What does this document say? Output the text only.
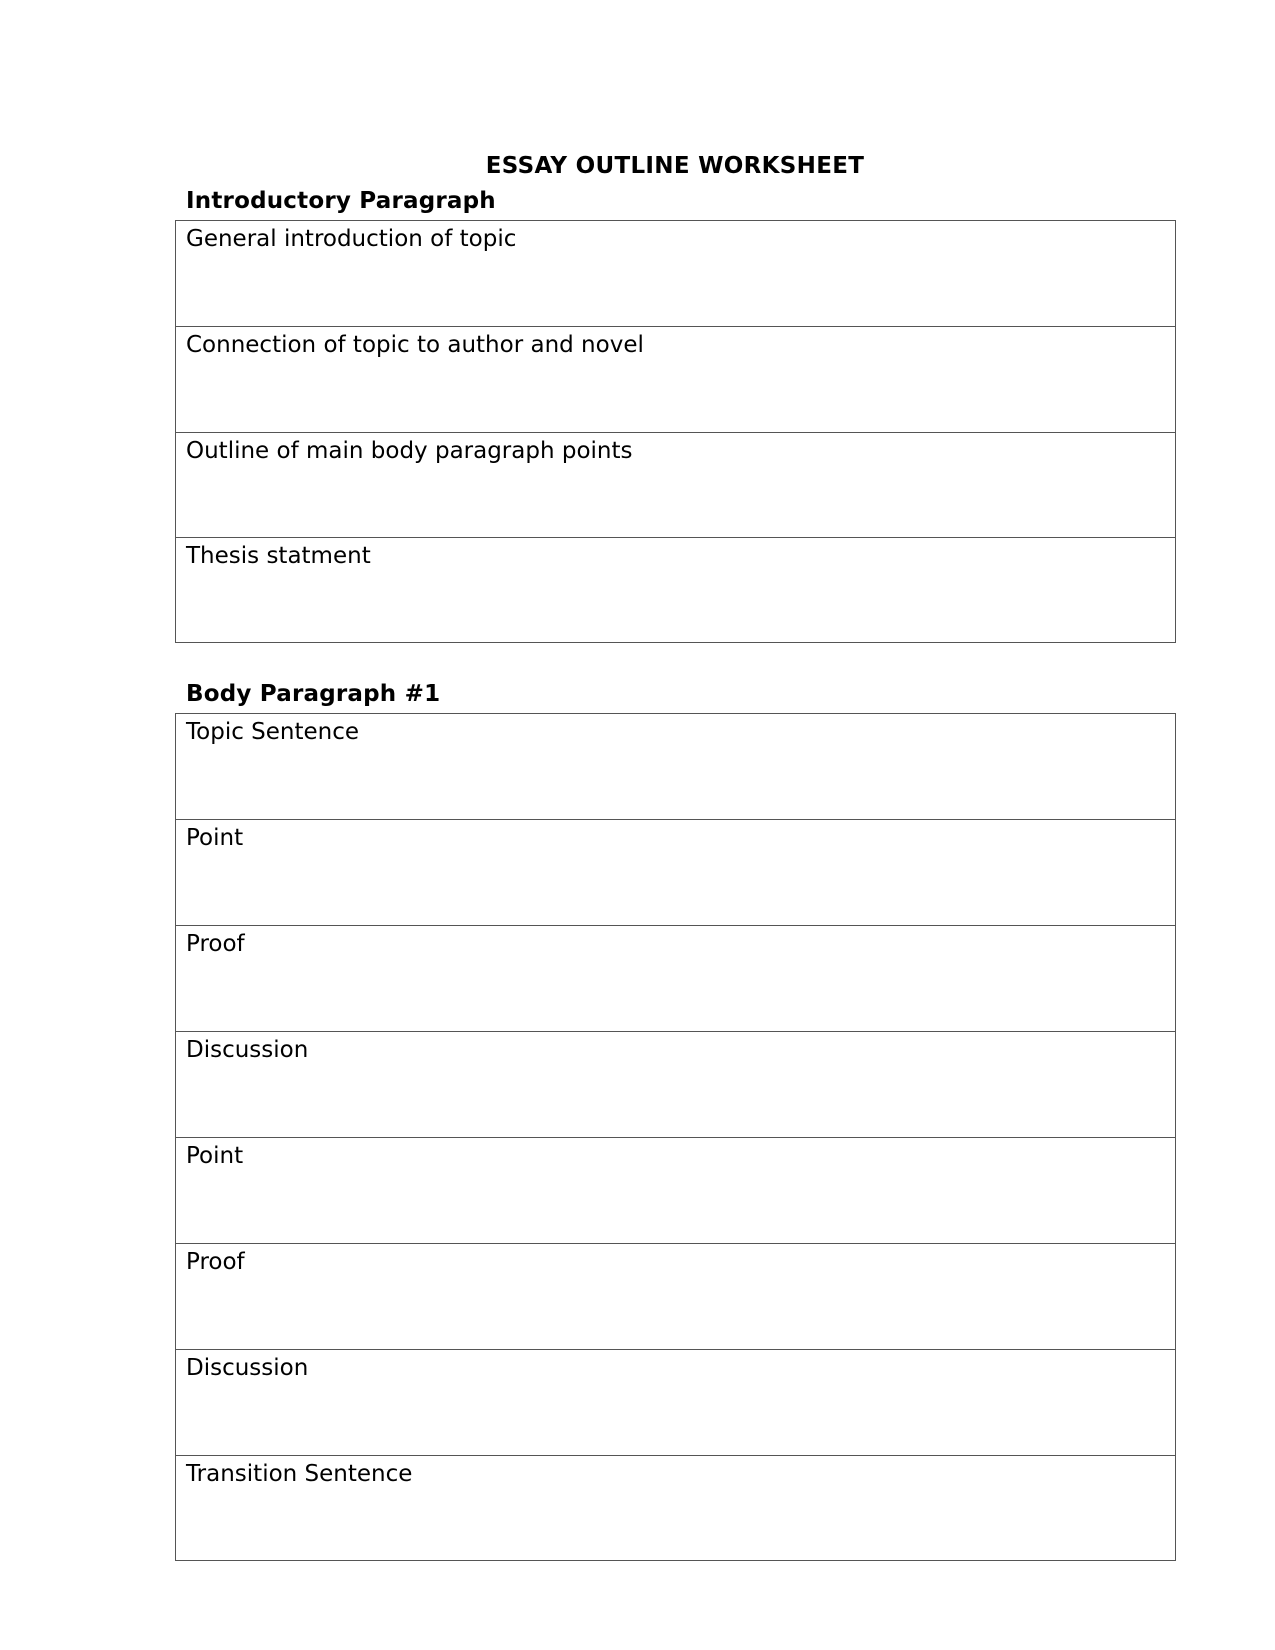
ESSAY OUTLINE WORKSHEET
Introductory Paragraph
General introduction of topic
Connection of topic to author and novel
Outline of main body paragraph points
Thesis statment
Body Paragraph #1
Topic Sentence
Point
Proof
Discussion
Point
Proof
Discussion
Transition Sentence
